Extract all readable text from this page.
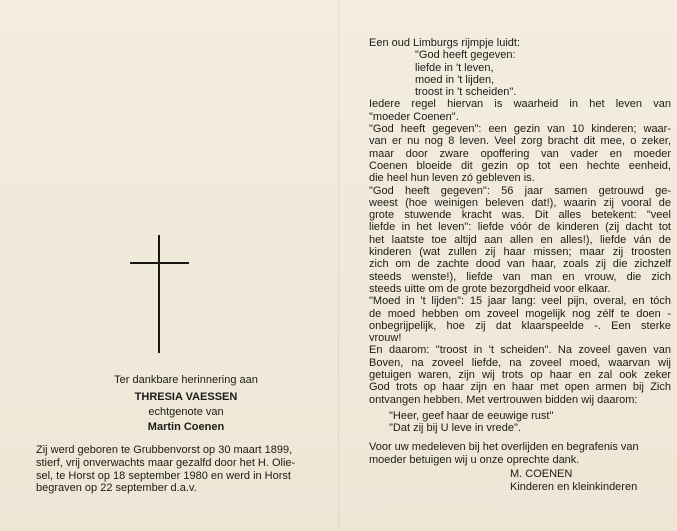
Ter dankbare herinnering aan
THRESIA VAESSEN
echtgenote van
Martin Coenen
Zij werd geboren te Grubbenvorst op 30 maart 1899,
stierf, vrij onverwachts maar gezalfd door het H. Olie-
sel, te Horst op 18 september 1980 en werd in Horst
begraven op 22 september d.a.v.
Een oud Limburgs rijmpje luidt:
"God heeft gegeven:
liefde in 't leven,
moed in 't lijden,
troost in 't scheiden".
Iedere regel hiervan is waarheid in het leven van
"moeder Coenen".
"God heeft gegeven": een gezin van 10 kinderen; waar-
van er nu nog 8 leven. Veel zorg bracht dit mee, o zeker,
maar door zware opoffering van vader en moeder
Coenen bloeide dit gezin op tot een hechte eenheid,
die heel hun leven zó gebleven is.
"God heeft gegeven": 56 jaar samen getrouwd ge-
weest (hoe weinigen beleven dat!), waarin zij vooral de
grote stuwende kracht was. Dit alles betekent: "veel
liefde in het leven": liefde vóór de kinderen (zij dacht tot
het laatste toe altijd aan allen en alles!), liefde ván de
kinderen (wat zullen zij haar missen; maar zij troosten
zich om de zachte dood van haar, zoals zij die zichzelf
steeds wenste!), liefde van man en vrouw, die zich
steeds uitte om de grote bezorgdheid voor elkaar.
"Moed in 't lijden": 15 jaar lang: veel pijn, overal, en tóch
de moed hebben om zoveel mogelijk nog zélf te doen -
onbegrijpelijk, hoe zij dat klaarspeelde -. Een sterke
vrouw!
En daarom: "troost in 't scheiden". Na zoveel gaven van
Boven, na zoveel liefde, na zoveel moed, waarvan wij
getuigen waren, zijn wij trots op haar en zal ook zeker
God trots op haar zijn en haar met open armen bij Zich
ontvangen hebben. Met vertrouwen bidden wij daarom:
"Heer, geef haar de eeuwige rust"
"Dat zij bij U leve in vrede".
Voor uw medeleven bij het overlijden en begrafenis van
moeder betuigen wij u onze oprechte dank.
M. COENEN
Kinderen en kleinkinderen
